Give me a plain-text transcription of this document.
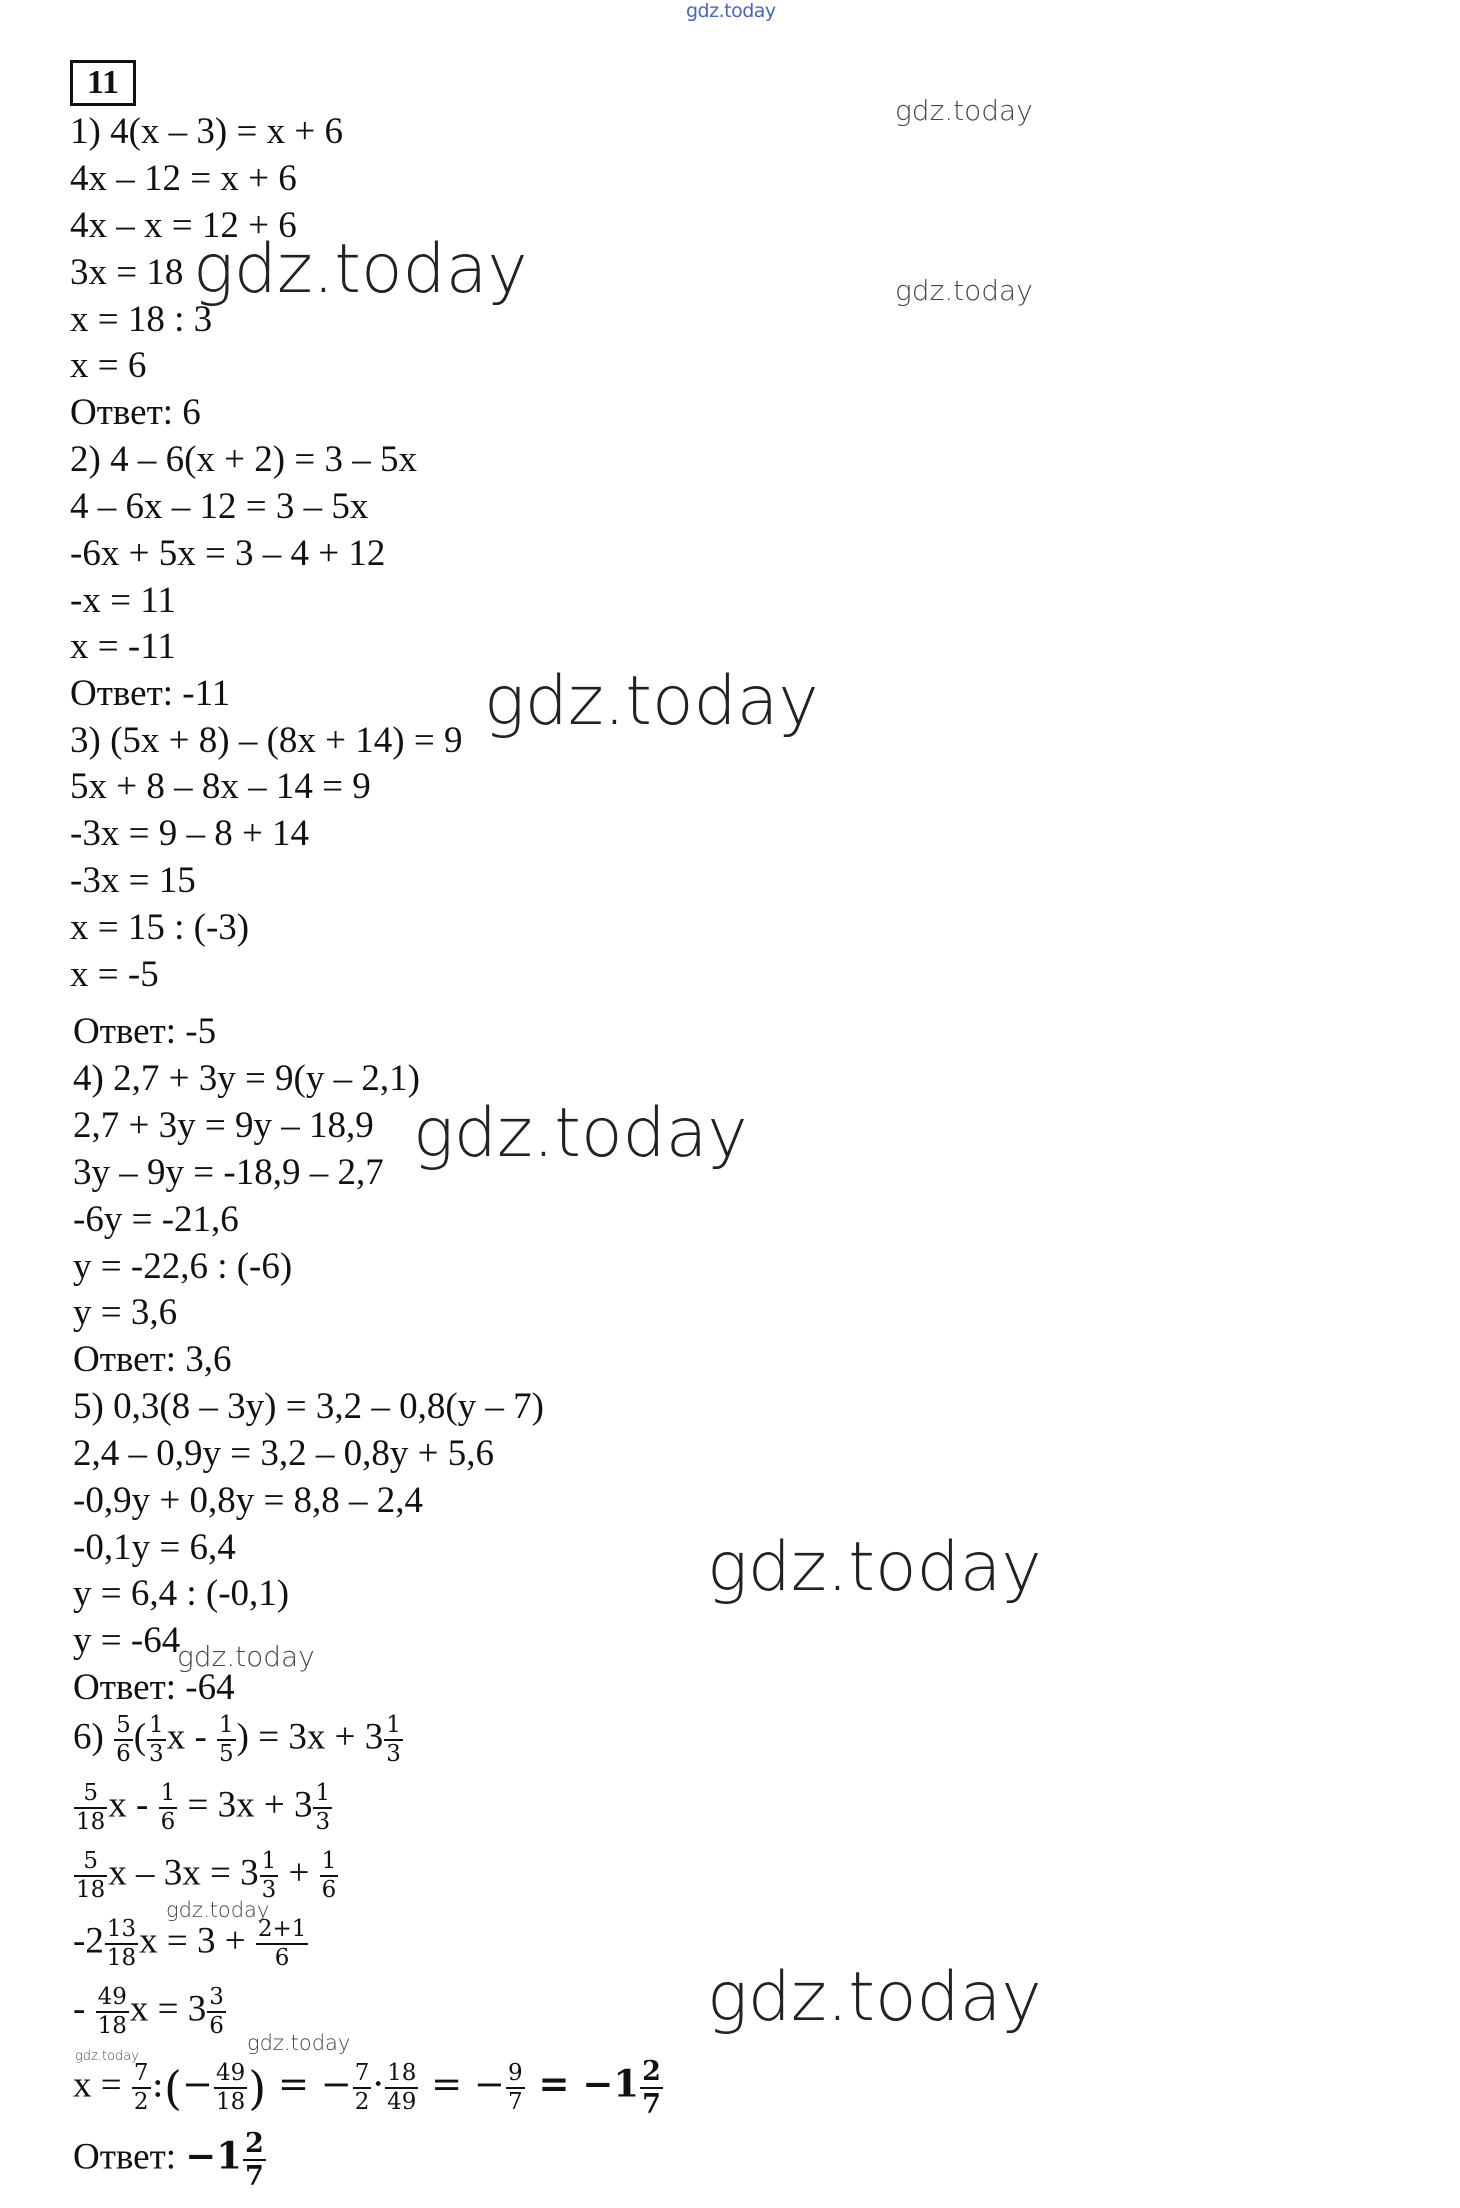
gdz.today
11
1) 4(x – 3) = x + 6
4x – 12 = x + 6
4x – x = 12 + 6
3x = 18
x = 18 : 3
x = 6
Ответ: 6
2) 4 – 6(x + 2) = 3 – 5x
4 – 6x – 12 = 3 – 5x
-6x + 5x = 3 – 4 + 12
-x = 11
x = -11
Ответ: -11
3) (5x + 8) – (8x + 14) = 9
5x + 8 – 8x – 14 = 9
-3x = 9 – 8 + 14
-3x = 15
x = 15 : (-3)
x = -5
Ответ: -5
4) 2,7 + 3y = 9(y – 2,1)
2,7 + 3y = 9y – 18,9
3y – 9y = -18,9 – 2,7
-6y = -21,6
y = -22,6 : (-6)
y = 3,6
Ответ: 3,6
5) 0,3(8 – 3y) = 3,2 – 0,8(y – 7)
2,4 – 0,9y = 3,2 – 0,8y + 5,6
-0,9y + 0,8y = 8,8 – 2,4
-0,1y = 6,4
y = 6,4 : (-0,1)
y = -64
Ответ: -64
$6) \frac{5}{6}$ ( $\frac{1}{3}$ x - $\frac{1}{5}$ ) = $3x + 3 \frac{1}{3}$
$\frac{5}{18}$ $x - \frac{1}{6} = 3x + 3 \frac{1}{3}$
$\frac{5}{18}$ $x - 3x = 3 \frac{1}{3} + \frac{1}{6}$
$-2 \frac{13}{18}$ $x = 3 + \frac{2+1}{6}$
- $\frac{49}{18}$ $x = 3 \frac{3}{6}$
$x = \frac{7}{2}$ :(− $\frac{49}{18}$ ) = − $\frac{7}{2} \cdot \frac{18}{49}$ = − $\frac{9}{7} = -1 \frac{2}{7}$
Ответ: $-1 \frac{2}{7}$
gdz.today
gdz.today	gdz.today
gdz.today
gdz.today
gdz.today
gdz.today
gdz.today
gdz.today
gdz.today
gdz.today
